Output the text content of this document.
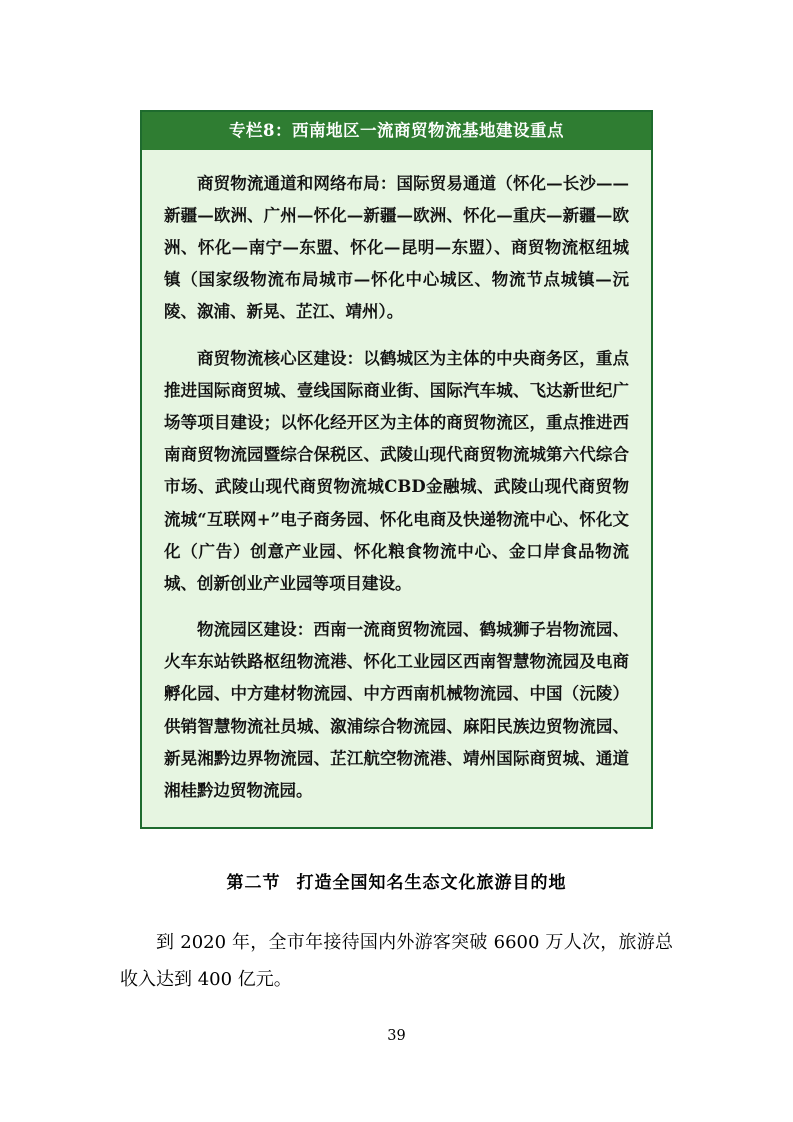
专栏8：西南地区一流商贸物流基地建设重点

商贸物流通道和网络布局：国际贸易通道（怀化—长沙——新疆—欧洲、广州—怀化—新疆—欧洲、怀化—重庆—新疆—欧洲、怀化—南宁—东盟、怀化—昆明—东盟）、商贸物流枢纽城镇（国家级物流布局城市—怀化中心城区、物流节点城镇—沅陵、溆浦、新晃、芷江、靖州）。

商贸物流核心区建设：以鹤城区为主体的中央商务区，重点推进国际商贸城、壹线国际商业街、国际汽车城、飞达新世纪广场等项目建设；以怀化经开区为主体的商贸物流区，重点推进西南商贸物流园暨综合保税区、武陵山现代商贸物流城第六代综合市场、武陵山现代商贸物流城CBD金融城、武陵山现代商贸物流城“互联网+”电子商务园、怀化电商及快递物流中心、怀化文化（广告）创意产业园、怀化粮食物流中心、金口岸食品物流城、创新创业产业园等项目建设。

物流园区建设：西南一流商贸物流园、鹤城狮子岩物流园、火车东站铁路枢纽物流港、怀化工业园区西南智慧物流园及电商孵化园、中方建材物流园、中方西南机械物流园、中国（沅陵）供销智慧物流社员城、溆浦综合物流园、麻阳民族边贸物流园、新晃湘黔边界物流园、芷江航空物流港、靖州国际商贸城、通道湘桂黔边贸物流园。

第二节 打造全国知名生态文化旅游目的地
到 2020 年，全市年接待国内外游客突破 6600 万人次，旅游总收入达到 400 亿元。
39
